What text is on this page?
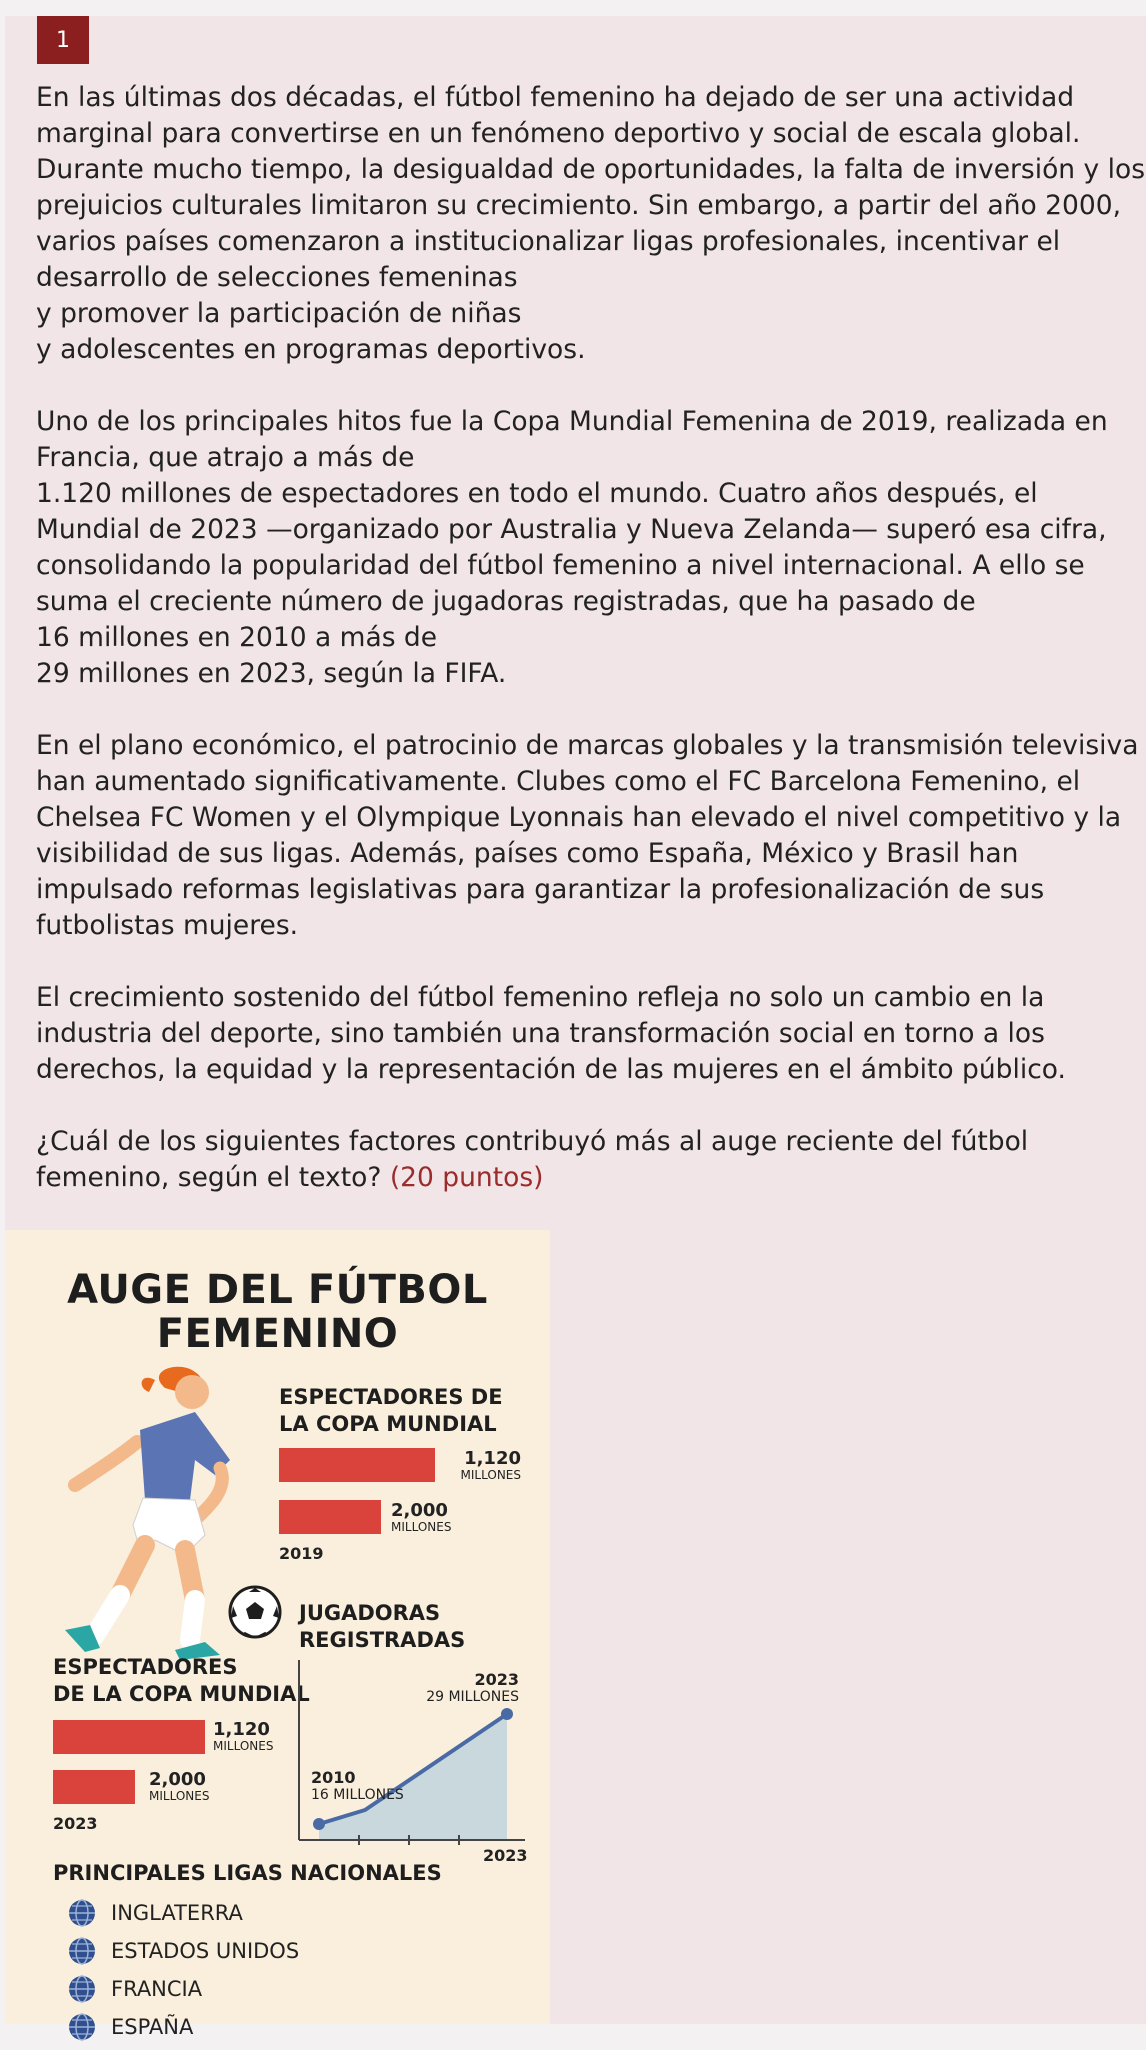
1

En las últimas dos décadas, el fútbol femenino ha dejado de ser una actividad
marginal para convertirse en un fenómeno deportivo y social de escala global.
Durante mucho tiempo, la desigualdad de oportunidades, la falta de inversión y los
prejuicios culturales limitaron su crecimiento. Sin embargo, a partir del año 2000,
varios países comenzaron a institucionalizar ligas profesionales, incentivar el
desarrollo de selecciones femeninas
y promover la participación de niñas
y adolescentes en programas deportivos.

Uno de los principales hitos fue la Copa Mundial Femenina de 2019, realizada en
Francia, que atrajo a más de
1.120 millones de espectadores en todo el mundo. Cuatro años después, el
Mundial de 2023 —organizado por Australia y Nueva Zelanda— superó esa cifra,
consolidando la popularidad del fútbol femenino a nivel internacional. A ello se
suma el creciente número de jugadoras registradas, que ha pasado de
16 millones en 2010 a más de
29 millones en 2023, según la FIFA.

En el plano económico, el patrocinio de marcas globales y la transmisión televisiva
han aumentado significativamente. Clubes como el FC Barcelona Femenino, el
Chelsea FC Women y el Olympique Lyonnais han elevado el nivel competitivo y la
visibilidad de sus ligas. Además, países como España, México y Brasil han
impulsado reformas legislativas para garantizar la profesionalización de sus
futbolistas mujeres.

El crecimiento sostenido del fútbol femenino refleja no solo un cambio en la
industria del deporte, sino también una transformación social en torno a los
derechos, la equidad y la representación de las mujeres en el ámbito público.

¿Cuál de los siguientes factores contribuyó más al auge reciente del fútbol
femenino, según el texto? (20 puntos)

AUGE DEL FÚTBOL
FEMENINO
ESPECTADORES DE
LA COPA MUNDIAL
1,120
MILLONES
2,000
MILLONES
2019
JUGADORAS
REGISTRADAS
ESPECTADORES
DE LA COPA MUNDIAL
1,120
MILLONES
2,000
MILLONES
2023
2023
29 MILLONES
2010
16 MILLONES
2023
PRINCIPALES LIGAS NACIONALES
INGLATERRA
ESTADOS UNIDOS
FRANCIA
ESPAÑA
